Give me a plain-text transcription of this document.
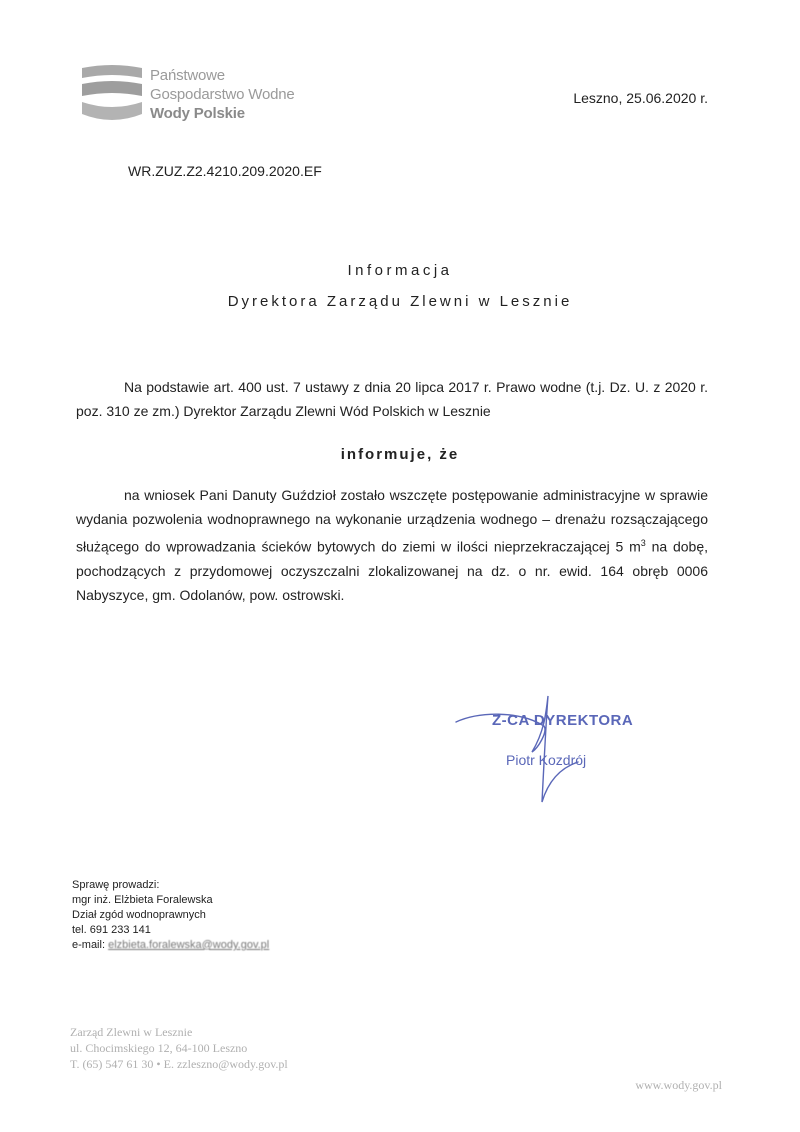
Państwowe
Gospodarstwo Wodne
Wody Polskie
Leszno, 25.06.2020 r.
WR.ZUZ.Z2.4210.209.2020.EF
Informacja
Dyrektora Zarządu Zlewni w Lesznie
Na podstawie art. 400 ust. 7 ustawy z dnia 20 lipca 2017 r. Prawo wodne (t.j. Dz. U. z 2020 r. poz. 310 ze zm.) Dyrektor Zarządu Zlewni Wód Polskich w Lesznie
informuje, że
na wniosek Pani Danuty Guździoł zostało wszczęte postępowanie administracyjne w sprawie wydania pozwolenia wodnoprawnego na wykonanie urządzenia wodnego – drenażu rozsączającego służącego do wprowadzania ścieków bytowych do ziemi w ilości nieprzekraczającej 5 $m^3$ na dobę, pochodzących z przydomowej oczyszczalni zlokalizowanej na dz. o nr. ewid. 164 obręb 0006 Nabyszyce, gm. Odolanów, pow. ostrowski.
Z-CA DYREKTORA
Piotr Kozdrój
Sprawę prowadzi:
mgr inż. Elżbieta Foralewska
Dział zgód wodnoprawnych
tel. 691 233 141
e-mail: elzbieta.foralewska@wody.gov.pl
Zarząd Zlewni w Lesznie
ul. Chocimskiego 12, 64-100 Leszno
T. (65) 547 61 30 • E. zzleszno@wody.gov.pl
www.wody.gov.pl
